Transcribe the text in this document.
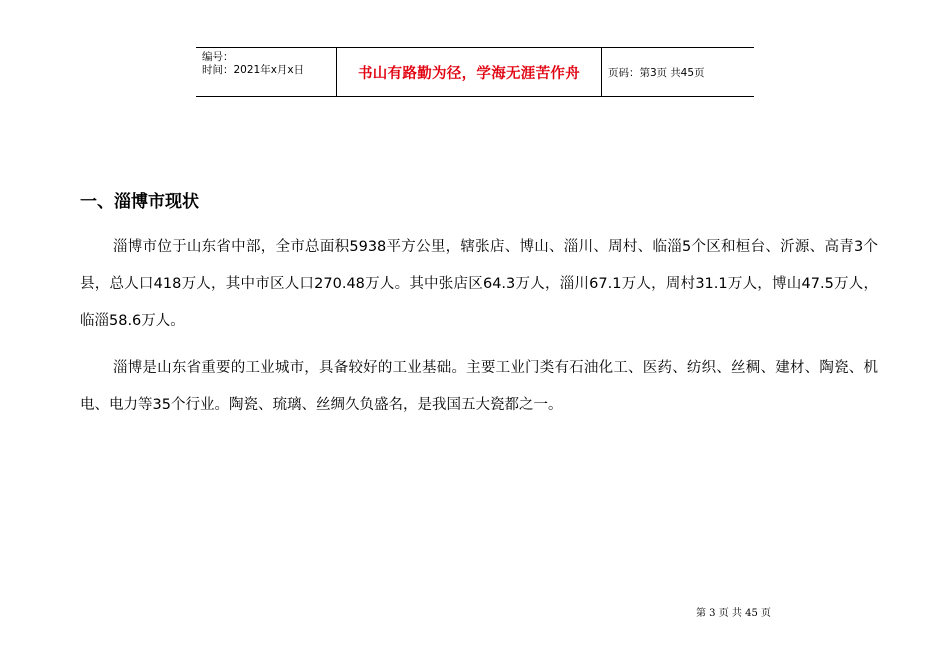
编号：
时间：2021年x月x日	书山有路勤为径，学海无涯苦作舟	页码： 第3页 共45页
一、淄博市现状

淄博市位于山东省中部，全市总面积5938平方公里，辖张店、博山、淄川、周村、临淄5个区和桓台、沂源、高青3个县，总人口418万人，其中市区人口270.48万人。其中张店区64.3万人，淄川67.1万人，周村31.1万人，博山47.5万人，临淄58.6万人。

淄博是山东省重要的工业城市，具备较好的工业基础。主要工业门类有石油化工、医药、纺织、丝稠、建材、陶瓷、机电、电力等35个行业。陶瓷、琉璃、丝绸久负盛名，是我国五大瓷都之一。

第 3 页 共 45 页
